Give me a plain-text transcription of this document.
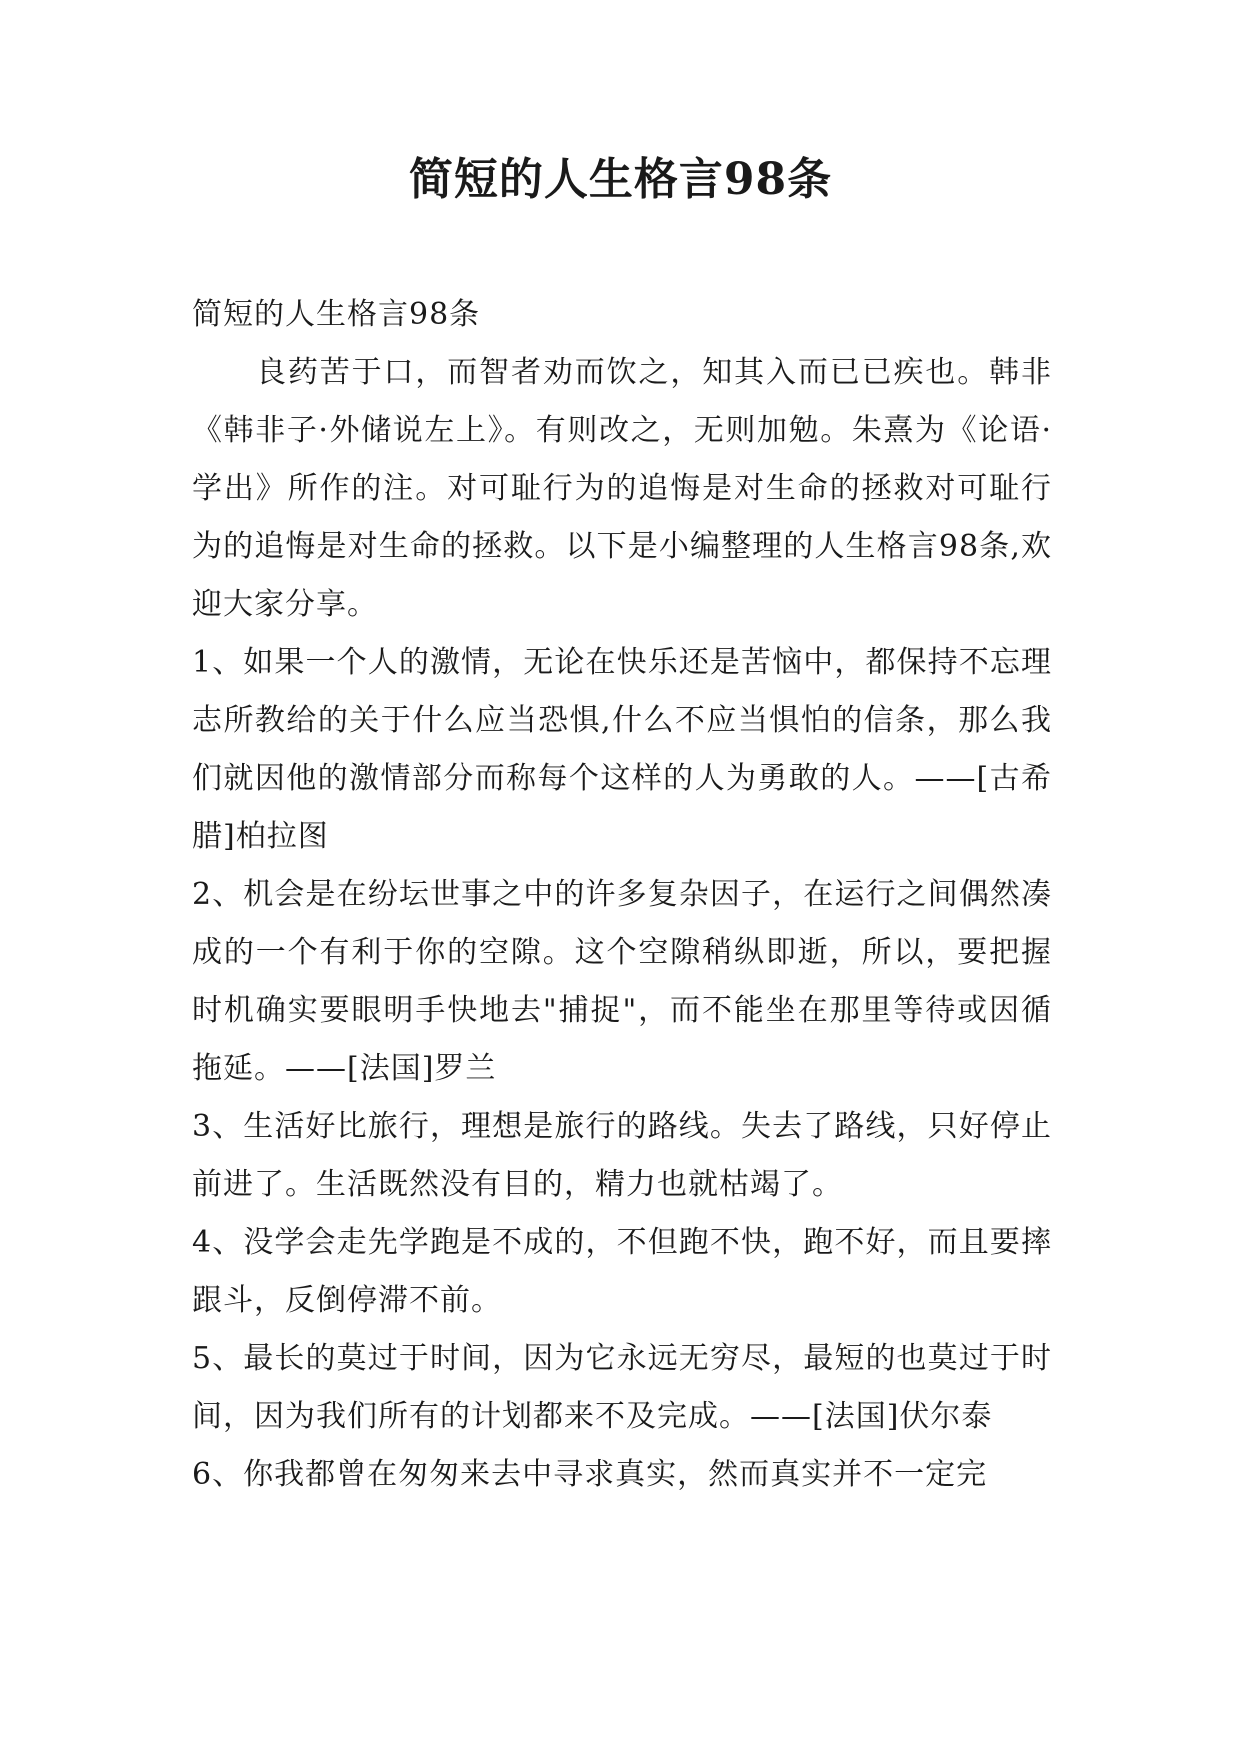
简短的人生格言98条

简短的人生格言98条

良药苦于口，而智者劝而饮之，知其入而已已疾也。韩非《韩非子·外储说左上》。有则改之，无则加勉。朱熹为《论语·学出》所作的注。对可耻行为的追悔是对生命的拯救对可耻行为的追悔是对生命的拯救。以下是小编整理的人生格言98条,欢迎大家分享。

1、如果一个人的激情，无论在快乐还是苦恼中，都保持不忘理志所教给的关于什么应当恐惧,什么不应当惧怕的信条，那么我们就因他的激情部分而称每个这样的人为勇敢的人。——[古希腊]柏拉图

2、机会是在纷坛世事之中的许多复杂因子，在运行之间偶然凑成的一个有利于你的空隙。这个空隙稍纵即逝，所以，要把握时机确实要眼明手快地去"捕捉"，而不能坐在那里等待或因循拖延。——[法国]罗兰

3、生活好比旅行，理想是旅行的路线。失去了路线，只好停止前进了。生活既然没有目的，精力也就枯竭了。

4、没学会走先学跑是不成的，不但跑不快，跑不好，而且要摔跟斗，反倒停滞不前。

5、最长的莫过于时间，因为它永远无穷尽，最短的也莫过于时间，因为我们所有的计划都来不及完成。——[法国]伏尔泰

6、你我都曾在匆匆来去中寻求真实，然而真实并不一定完
